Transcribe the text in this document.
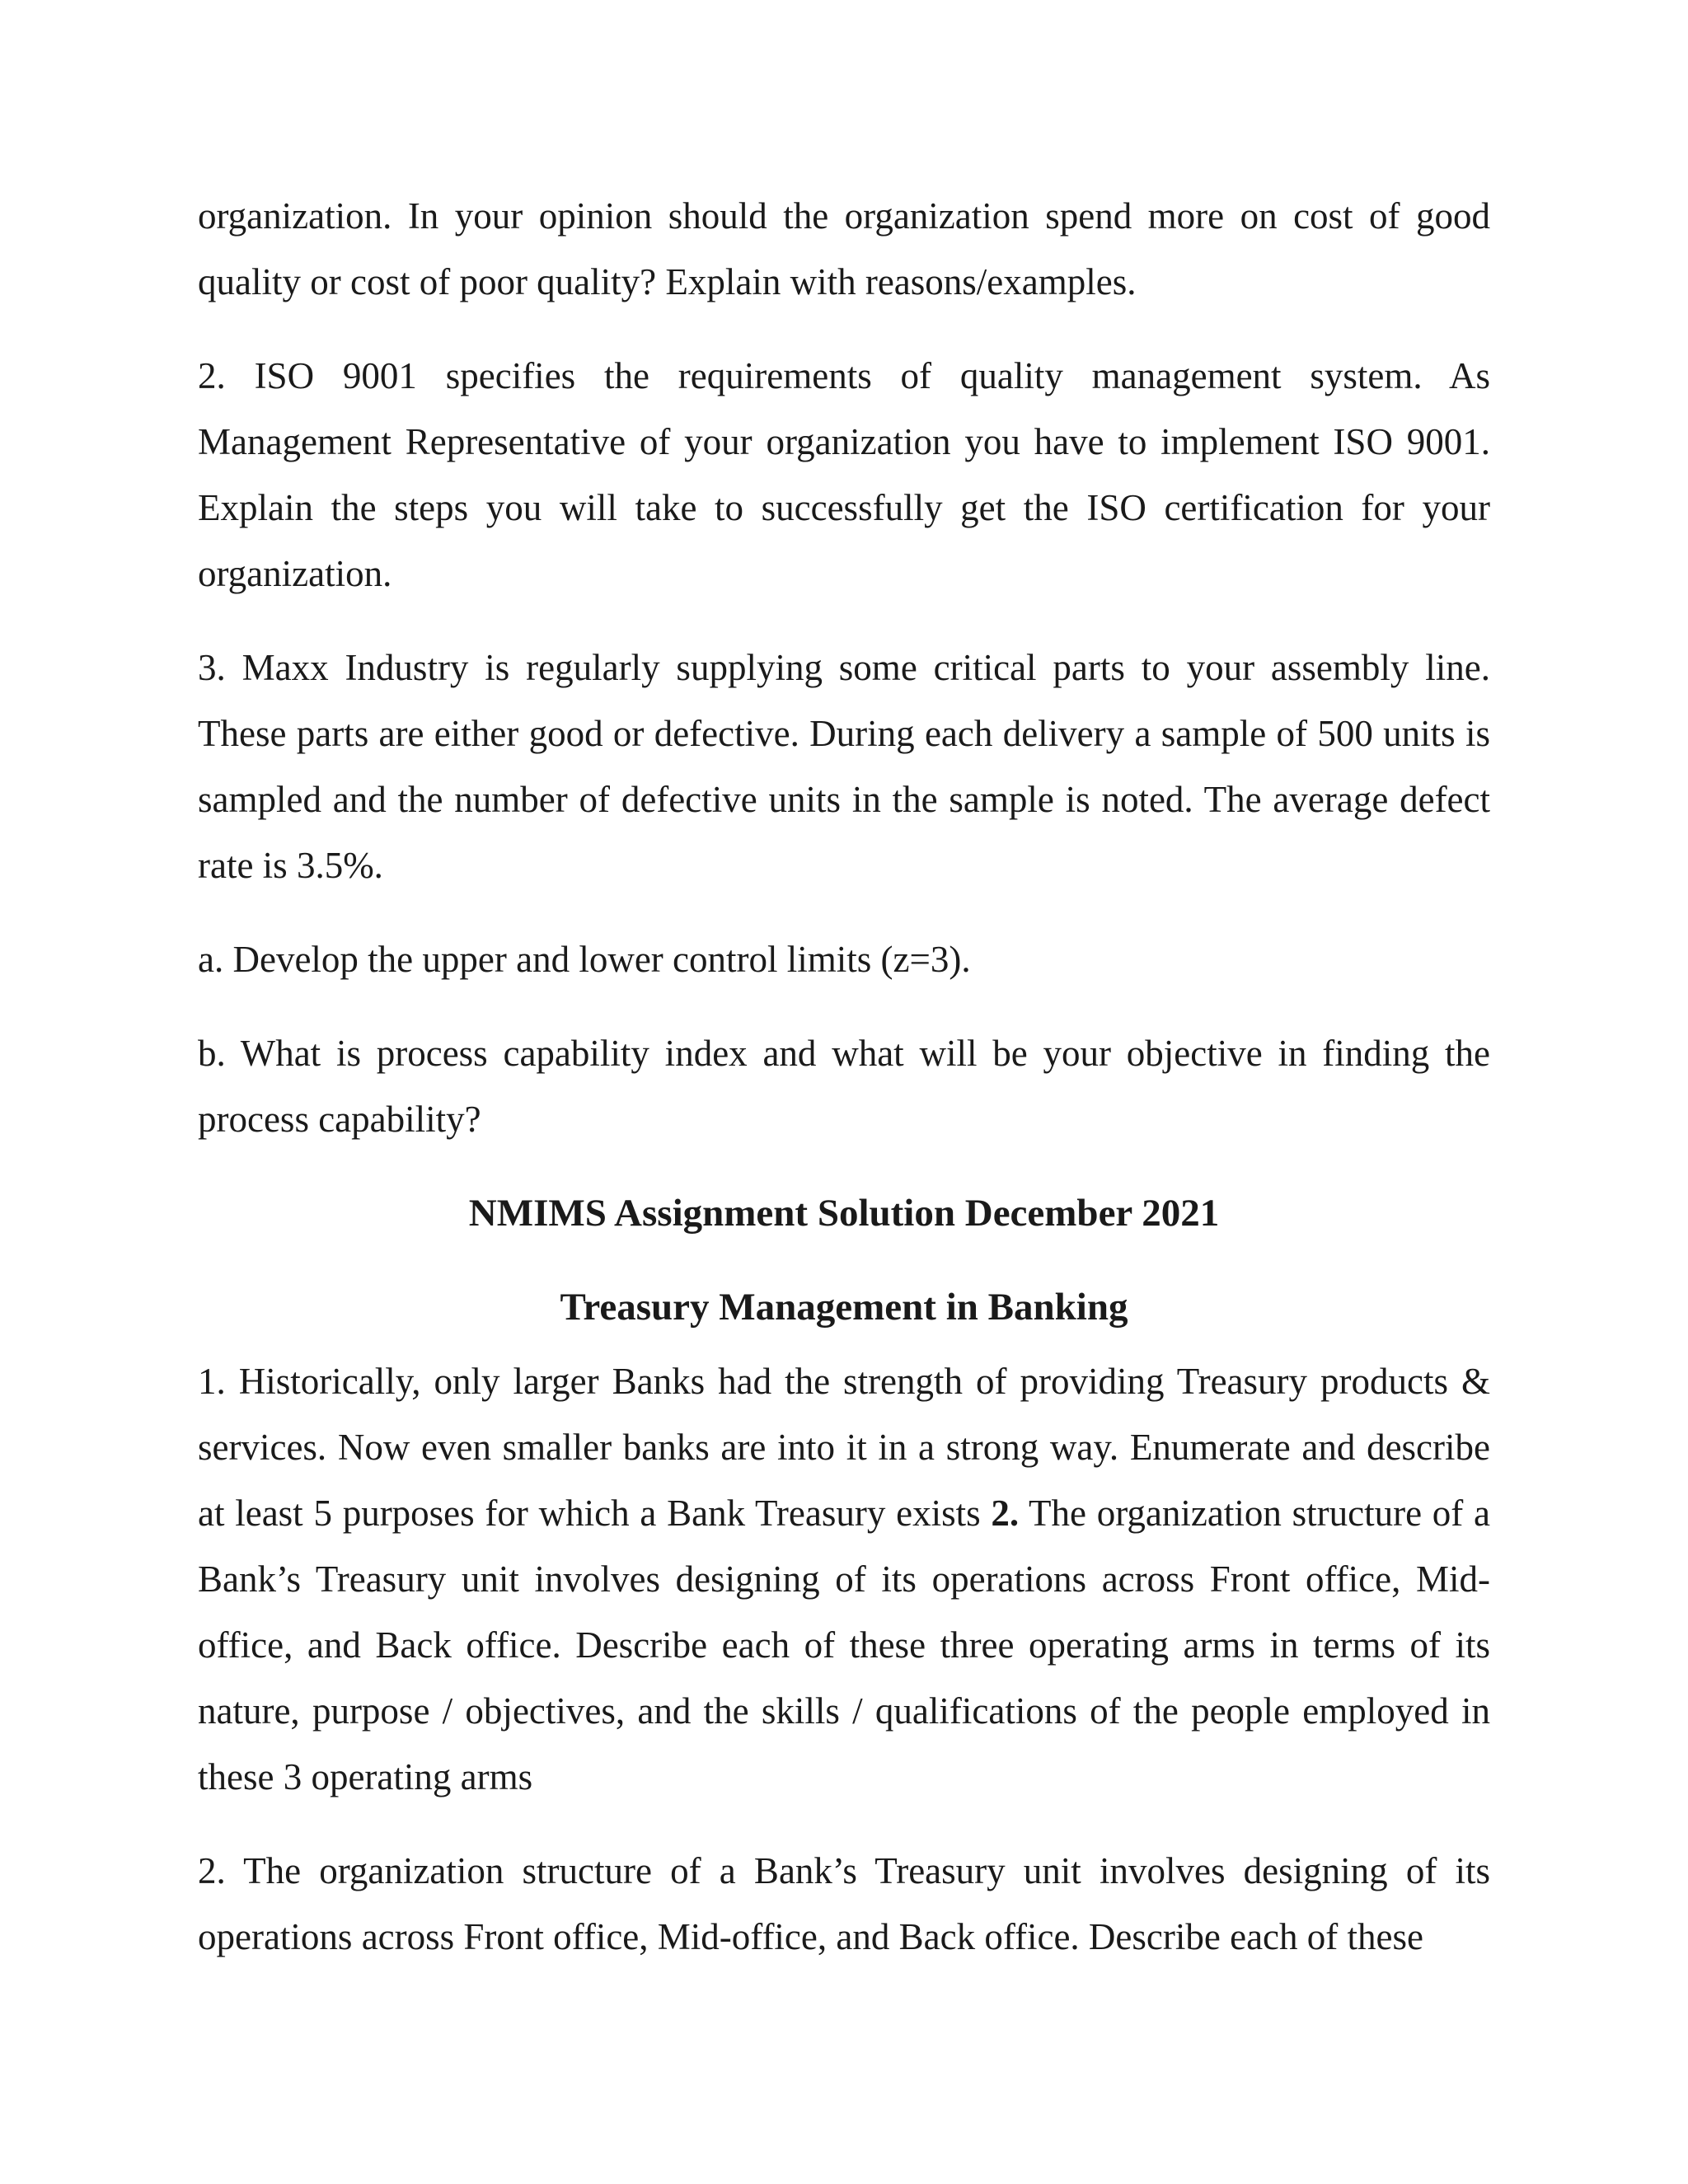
organization. In your opinion should the organization spend more on cost of good quality or cost of poor quality? Explain with reasons/examples.

2. ISO 9001 specifies the requirements of quality management system. As Management Representative of your organization you have to implement ISO 9001. Explain the steps you will take to successfully get the ISO certification for your organization.

3. Maxx Industry is regularly supplying some critical parts to your assembly line. These parts are either good or defective. During each delivery a sample of 500 units is sampled and the number of defective units in the sample is noted. The average defect rate is 3.5%.

a. Develop the upper and lower control limits (z=3).

b. What is process capability index and what will be your objective in finding the process capability?

NMIMS Assignment Solution December 2021
Treasury Management in Banking

1. Historically, only larger Banks had the strength of providing Treasury products & services. Now even smaller banks are into it in a strong way. Enumerate and describe at least 5 purposes for which a Bank Treasury exists 2. The organization structure of a Bank’s Treasury unit involves designing of its operations across Front office, Mid-office, and Back office. Describe each of these three operating arms in terms of its nature, purpose / objectives, and the skills / qualifications of the people employed in these 3 operating arms

2. The organization structure of a Bank’s Treasury unit involves designing of its operations across Front office, Mid-office, and Back office. Describe each of these
